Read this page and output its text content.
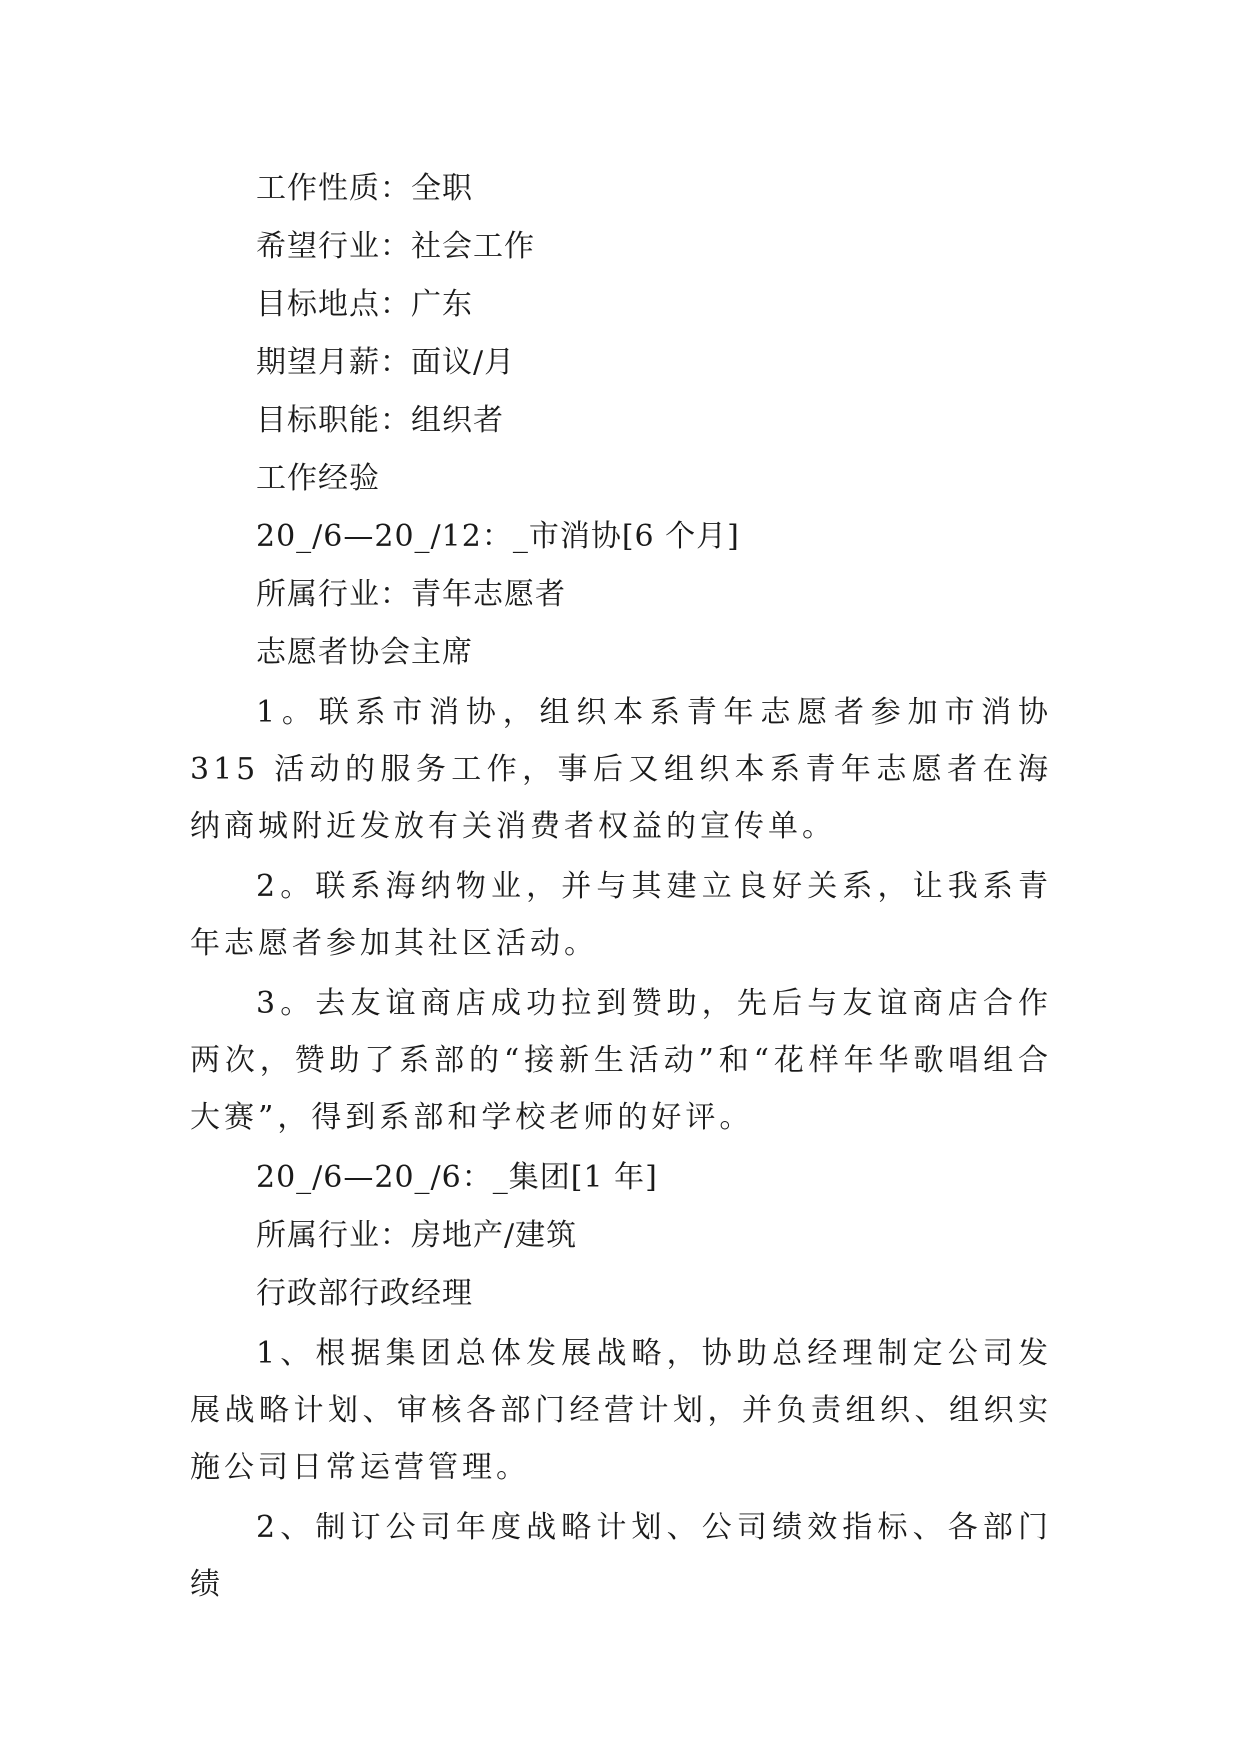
工作性质：全职
希望行业：社会工作
目标地点：广东
期望月薪：面议/月
目标职能：组织者
工作经验
20_/6—20_/12：_市消协[6 个月]
所属行业：青年志愿者
志愿者协会主席

1。联系市消协，组织本系青年志愿者参加市消协 315 活动的服务工作，事后又组织本系青年志愿者在海纳商城附近发放有关消费者权益的宣传单。

2。联系海纳物业，并与其建立良好关系，让我系青年志愿者参加其社区活动。

3。去友谊商店成功拉到赞助，先后与友谊商店合作两次，赞助了系部的“接新生活动”和“花样年华歌唱组合大赛”，得到系部和学校老师的好评。

20_/6—20_/6：_集团[1 年]
所属行业：房地产/建筑
行政部行政经理

1、根据集团总体发展战略，协助总经理制定公司发展战略计划、审核各部门经营计划，并负责组织、组织实施公司日常运营管理。

2、制订公司年度战略计划、公司绩效指标、各部门绩
